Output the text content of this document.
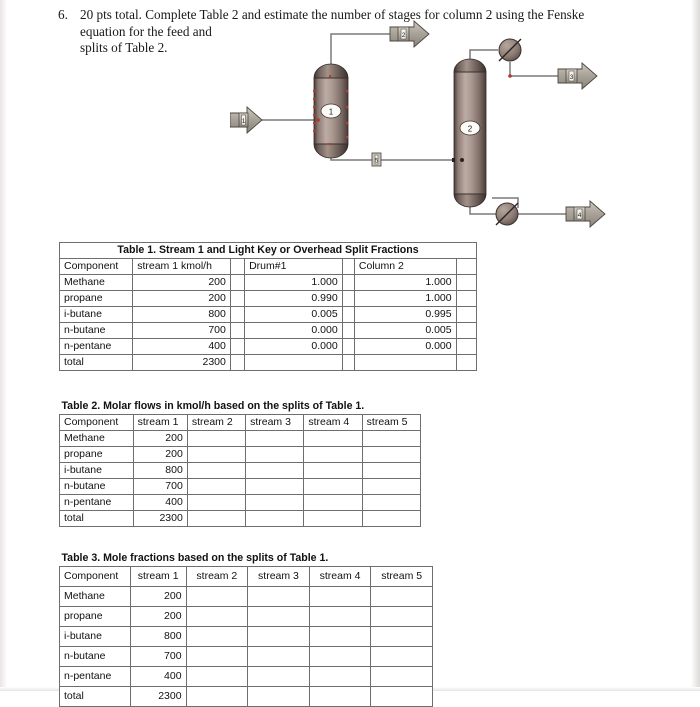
6. 20 pts total. Complete Table 2 and estimate the number of stages for column 2 using the Fenske
equation for the feed and
splits of Table 2.
1
2
5
1
2
3
4
Table 1. Stream 1 and Light Key or Overhead Split Fractions						
Component	stream 1 kmol/h		Drum#1		Column 2	
Methane	200		1.000		1.000	
propane	200		0.990		1.000	
i-butane	800		0.005		0.995	
n-butane	700		0.000		0.005	
n-pentane	400		0.000		0.000	
total	2300					
Table 2. Molar flows in kmol/h based on the splits of Table 1.					
Component	stream 1	stream 2	stream 3	stream 4	stream 5
Methane	200				
propane	200				
i-butane	800				
n-butane	700				
n-pentane	400				
total	2300				
Table 3. Mole fractions based on the splits of Table 1.					
Component	stream 1	stream 2	stream 3	stream 4	stream 5
Methane	200				
propane	200				
i-butane	800				
n-butane	700				
n-pentane	400				
total	2300				
